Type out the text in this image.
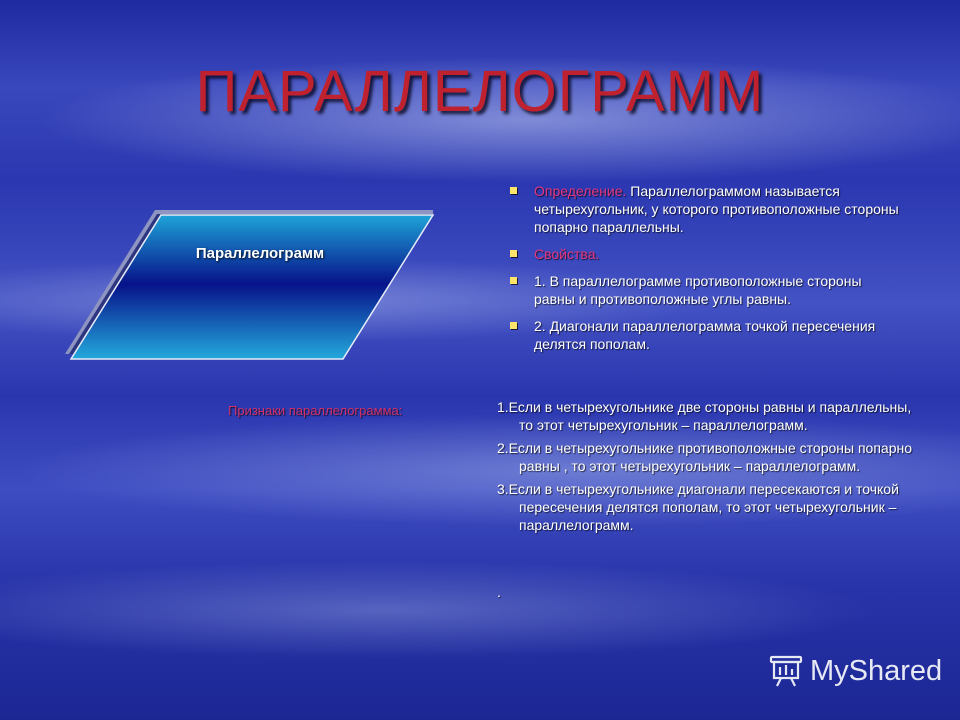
ПАРАЛЛЕЛОГРАММ
Параллелограмм
Признаки параллелограмма:
Определение. Параллелограммом называется четырехугольник, у которого противоположные стороны попарно параллельны.
Свойства.
1. В параллелограмме противоположные стороны равны и противоположные углы равны.
2. Диагонали параллелограмма точкой пересечения делятся пополам.
1.Если в четырехугольнике две стороны равны и параллельны, то этот четырехугольник – параллелограмм.
2.Если в четырехугольнике противоположные стороны попарно равны , то этот четырехугольник – параллелограмм.
3.Если в четырехугольнике диагонали пересекаются и точкой пересечения делятся пополам, то этот четырехугольник –параллелограмм.
.
MyShared
